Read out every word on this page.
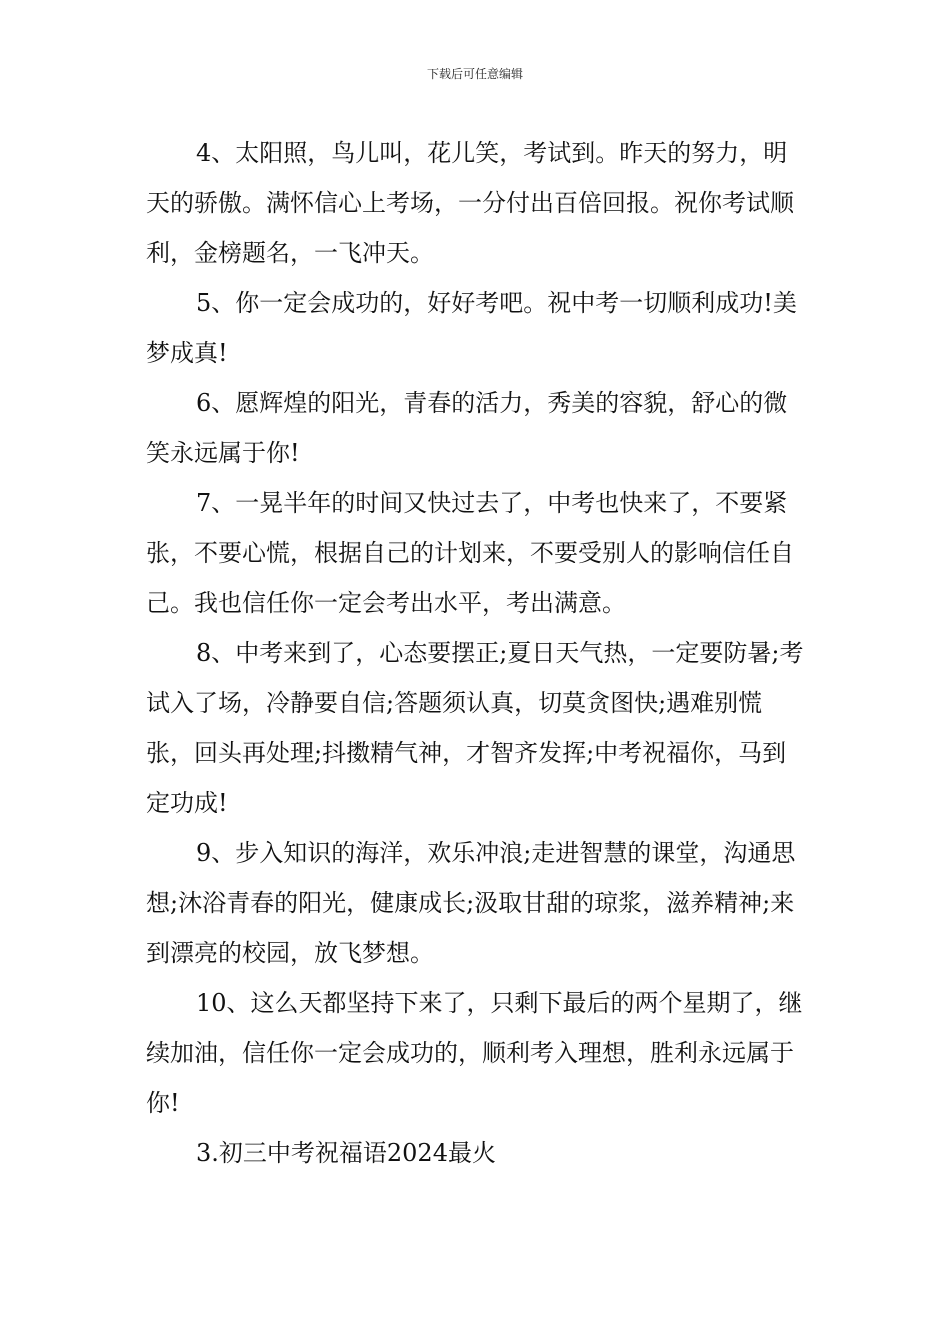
下载后可任意编辑

4、太阳照，鸟儿叫，花儿笑，考试到。昨天的努力，明天的骄傲。满怀信心上考场，一分付出百倍回报。祝你考试顺利，金榜题名，一飞冲天。

5、你一定会成功的，好好考吧。祝中考一切顺利成功!美梦成真!

6、愿辉煌的阳光，青春的活力，秀美的容貌，舒心的微笑永远属于你!

7、一晃半年的时间又快过去了，中考也快来了，不要紧张，不要心慌，根据自己的计划来，不要受别人的影响信任自己。我也信任你一定会考出水平，考出满意。

8、中考来到了，心态要摆正;夏日天气热，一定要防暑;考试入了场，冷静要自信;答题须认真，切莫贪图快;遇难别慌张，回头再处理;抖擞精气神，才智齐发挥;中考祝福你，马到定功成!

9、步入知识的海洋，欢乐冲浪;走进智慧的课堂，沟通思想;沐浴青春的阳光，健康成长;汲取甘甜的琼浆，滋养精神;来到漂亮的校园，放飞梦想。

10、这么天都坚持下来了，只剩下最后的两个星期了，继续加油，信任你一定会成功的，顺利考入理想，胜利永远属于你!

3.初三中考祝福语2024最火
